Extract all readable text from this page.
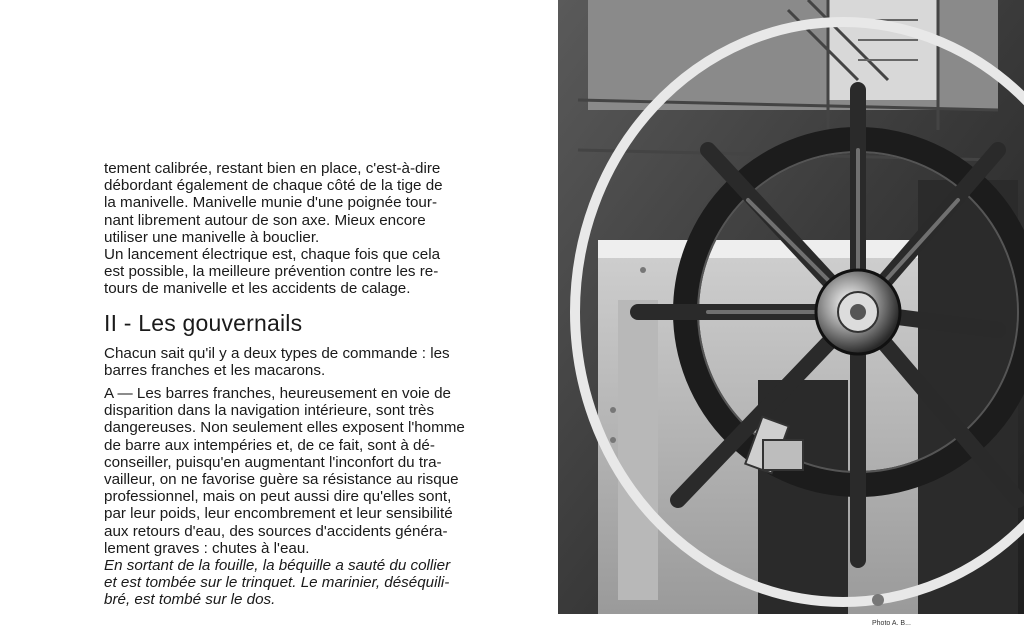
tement calibrée, restant bien en place, c'est-à-dire
débordant également de chaque côté de la tige de
la manivelle. Manivelle munie d'une poignée tour-
nant librement autour de son axe. Mieux encore
utiliser une manivelle à bouclier.

Un lancement électrique est, chaque fois que cela
est possible, la meilleure prévention contre les re-
tours de manivelle et les accidents de calage.

II - Les gouvernails

Chacun sait qu'il y a deux types de commande : les
barres franches et les macarons.

A — Les barres franches, heureusement en voie de
disparition dans la navigation intérieure, sont très
dangereuses. Non seulement elles exposent l'homme
de barre aux intempéries et, de ce fait, sont à dé-
conseiller, puisqu'en augmentant l'inconfort du tra-
vailleur, on ne favorise guère sa résistance au risque
professionnel, mais on peut aussi dire qu'elles sont,
par leur poids, leur encombrement et leur sensibilité
aux retours d'eau, des sources d'accidents généra-
lement graves : chutes à l'eau.

En sortant de la fouille, la béquille a sauté du collier
et est tombée sur le trinquet. Le marinier, déséquili-
bré, est tombé sur le dos.

Photo A. B...
